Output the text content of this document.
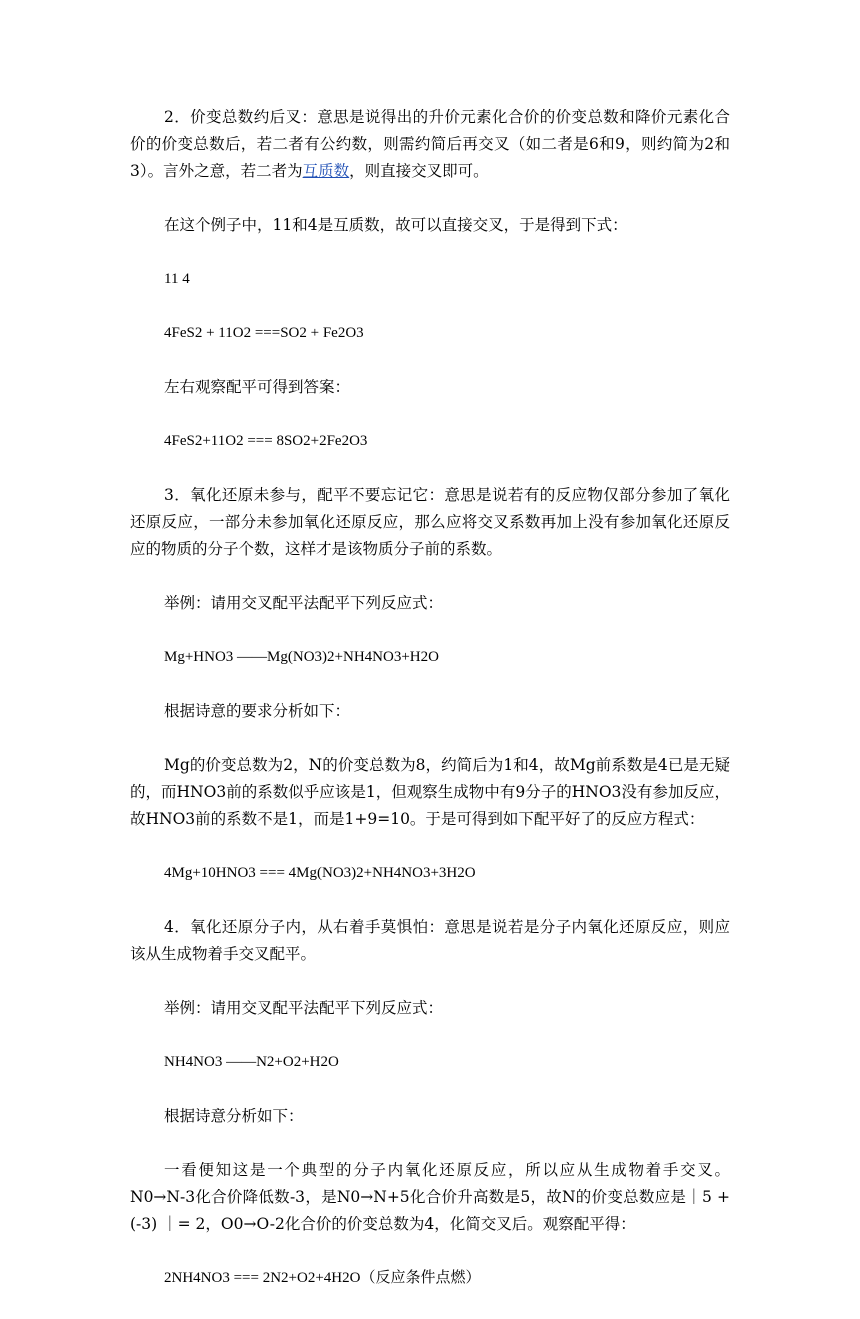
2．价变总数约后叉：意思是说得出的升价元素化合价的价变总数和降价元素化合价的价变总数后，若二者有公约数，则需约简后再交叉（如二者是6和9，则约简为2和3）。言外之意，若二者为互质数，则直接交叉即可。

在这个例子中，11和4是互质数，故可以直接交叉，于是得到下式：

11 4

4FeS2 + 11O2 ===SO2 + Fe2O3

左右观察配平可得到答案：

4FeS2+11O2 === 8SO2+2Fe2O3

3．氧化还原未参与，配平不要忘记它：意思是说若有的反应物仅部分参加了氧化还原反应，一部分未参加氧化还原反应，那么应将交叉系数再加上没有参加氧化还原反应的物质的分子个数，这样才是该物质分子前的系数。

举例：请用交叉配平法配平下列反应式：

Mg+HNO3 ——Mg(NO3)2+NH4NO3+H2O

根据诗意的要求分析如下：

Mg的价变总数为2，N的价变总数为8，约简后为1和4，故Mg前系数是4已是无疑的，而HNO3前的系数似乎应该是1，但观察生成物中有9分子的HNO3没有参加反应，故HNO3前的系数不是1，而是1+9=10。于是可得到如下配平好了的反应方程式：

4Mg+10HNO3 === 4Mg(NO3)2+NH4NO3+3H2O

4．氧化还原分子内，从右着手莫惧怕：意思是说若是分子内氧化还原反应，则应该从生成物着手交叉配平。

举例：请用交叉配平法配平下列反应式：

NH4NO3 ——N2+O2+H2O

根据诗意分析如下：

一看便知这是一个典型的分子内氧化还原反应，所以应从生成物着手交叉。N0→N-3化合价降低数-3，是N0→N+5化合价升高数是5，故N的价变总数应是｜5 + (-3) ｜= 2，O0→O-2化合价的价变总数为4，化简交叉后。观察配平得：

2NH4NO3 === 2N2+O2+4H2O（反应条件点燃）
